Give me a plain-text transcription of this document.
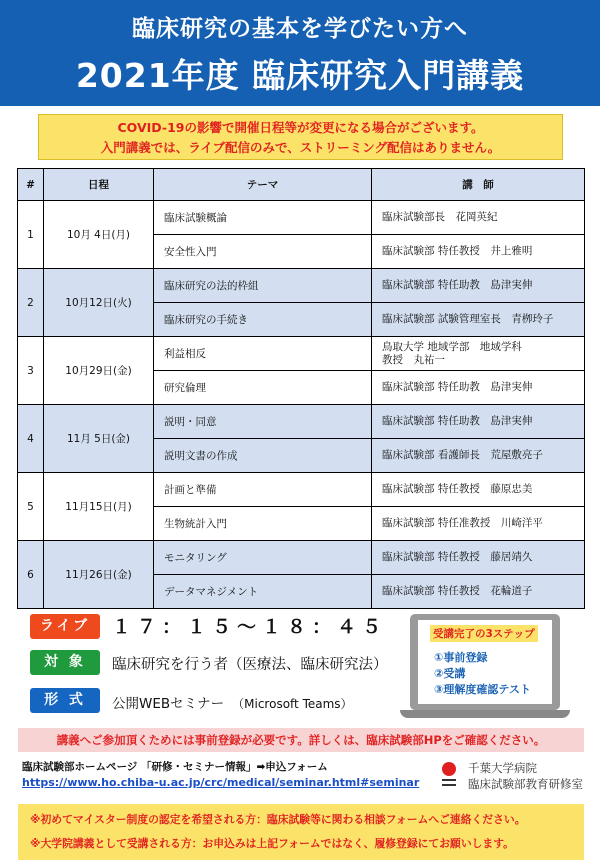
臨床研究の基本を学びたい方へ
2021年度 臨床研究入門講義
COVID-19の影響で開催日程等が変更になる場合がございます。
入門講義では、ライブ配信のみで、ストリーミング配信はありません。
#	日程	テーマ	講　師
1	10月 4日(月)	臨床試験概論	臨床試験部長　花岡英紀
		安全性入門	臨床試験部 特任教授　井上雅明
2	10月12日(火)	臨床研究の法的枠組	臨床試験部 特任助教　島津実伸
		臨床研究の手続き	臨床試験部 試験管理室長　青栁玲子
3	10月29日(金)	利益相反	鳥取大学 地域学部　地域学科
教授　丸祐一
		研究倫理	臨床試験部 特任助教　島津実伸
4	11月 5日(金)	説明・同意	臨床試験部 特任助教　島津実伸
		説明文書の作成	臨床試験部 看護師長　荒屋敷亮子
5	11月15日(月)	計画と準備	臨床試験部 特任教授　藤原忠美
		生物統計入門	臨床試験部 特任准教授　川崎洋平
6	11月26日(金)	モニタリング	臨床試験部 特任教授　藤居靖久
		データマネジメント	臨床試験部 特任教授　花輪道子
ライブ	１７：１５～１８：４５
対 象	臨床研究を行う者（医療法、臨床研究法）
形 式	公開WEBセミナー （Microsoft Teams）
受講完了の3ステップ
①事前登録
②受講
③理解度確認テスト
講義へご参加頂くためには事前登録が必要です。詳しくは、臨床試験部HPをご確認ください。
臨床試験部ホームページ 「研修・セミナー情報」➡申込フォーム
https://www.ho.chiba-u.ac.jp/crc/medical/seminar.html#seminar
千葉大学病院
臨床試験部教育研修室
※初めてマイスター制度の認定を希望される方：臨床試験等に関わる相談フォームへご連絡ください。
※大学院講義として受講される方：お申込みは上記フォームではなく、履修登録にてお願いします。
